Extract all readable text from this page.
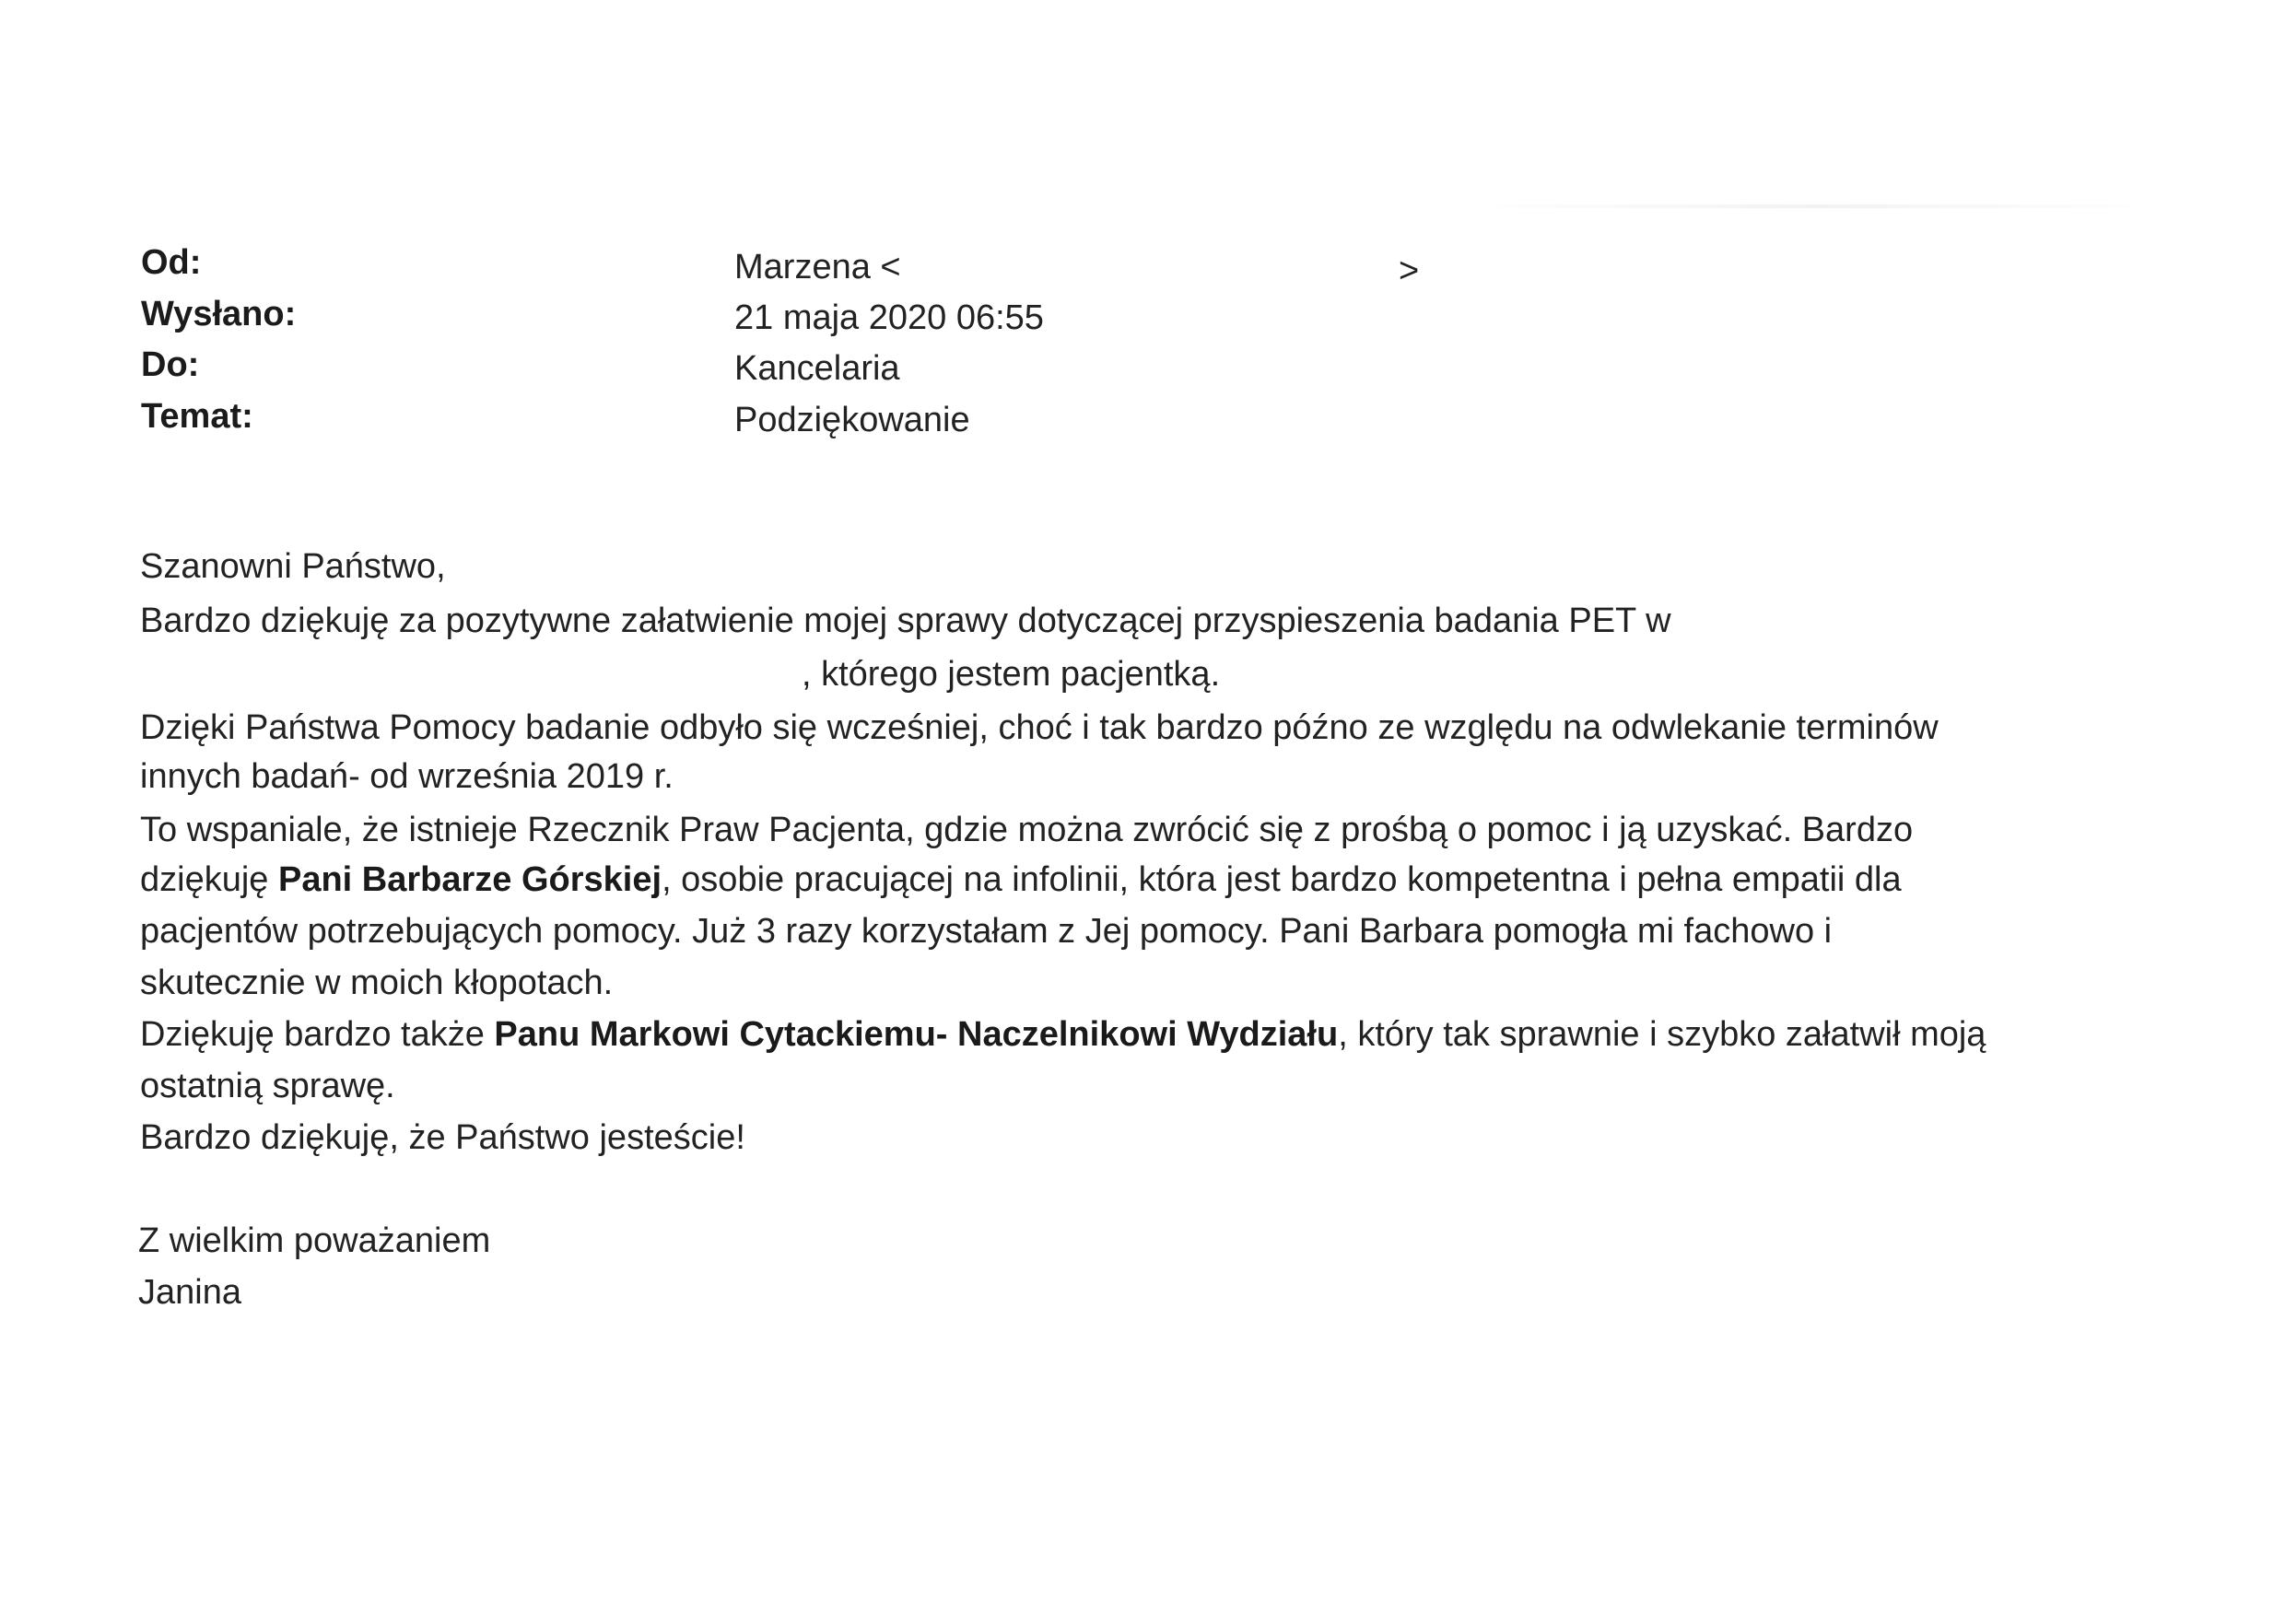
Od:	Marzena <	>
Wysłano:	21 maja 2020 06:55
Do:	Kancelaria
Temat:	Podziękowanie
Szanowni Państwo,
Bardzo dziękuję za pozytywne załatwienie mojej sprawy dotyczącej przyspieszenia badania PET w
, którego jestem pacjentką.
Dzięki Państwa Pomocy badanie odbyło się wcześniej, choć i tak bardzo późno ze względu na odwlekanie terminów
innych badań- od września 2019 r.
To wspaniale, że istnieje Rzecznik Praw Pacjenta, gdzie można zwrócić się z prośbą o pomoc i ją uzyskać. Bardzo
dziękuję Pani Barbarze Górskiej, osobie pracującej na infolinii, która jest bardzo kompetentna i pełna empatii dla
pacjentów potrzebujących pomocy. Już 3 razy korzystałam z Jej pomocy. Pani Barbara pomogła mi fachowo i
skutecznie w moich kłopotach.
Dziękuję bardzo także Panu Markowi Cytackiemu- Naczelnikowi Wydziału, który tak sprawnie i szybko załatwił moją
ostatnią sprawę.
Bardzo dziękuję, że Państwo jesteście!
Z wielkim poważaniem
Janina
